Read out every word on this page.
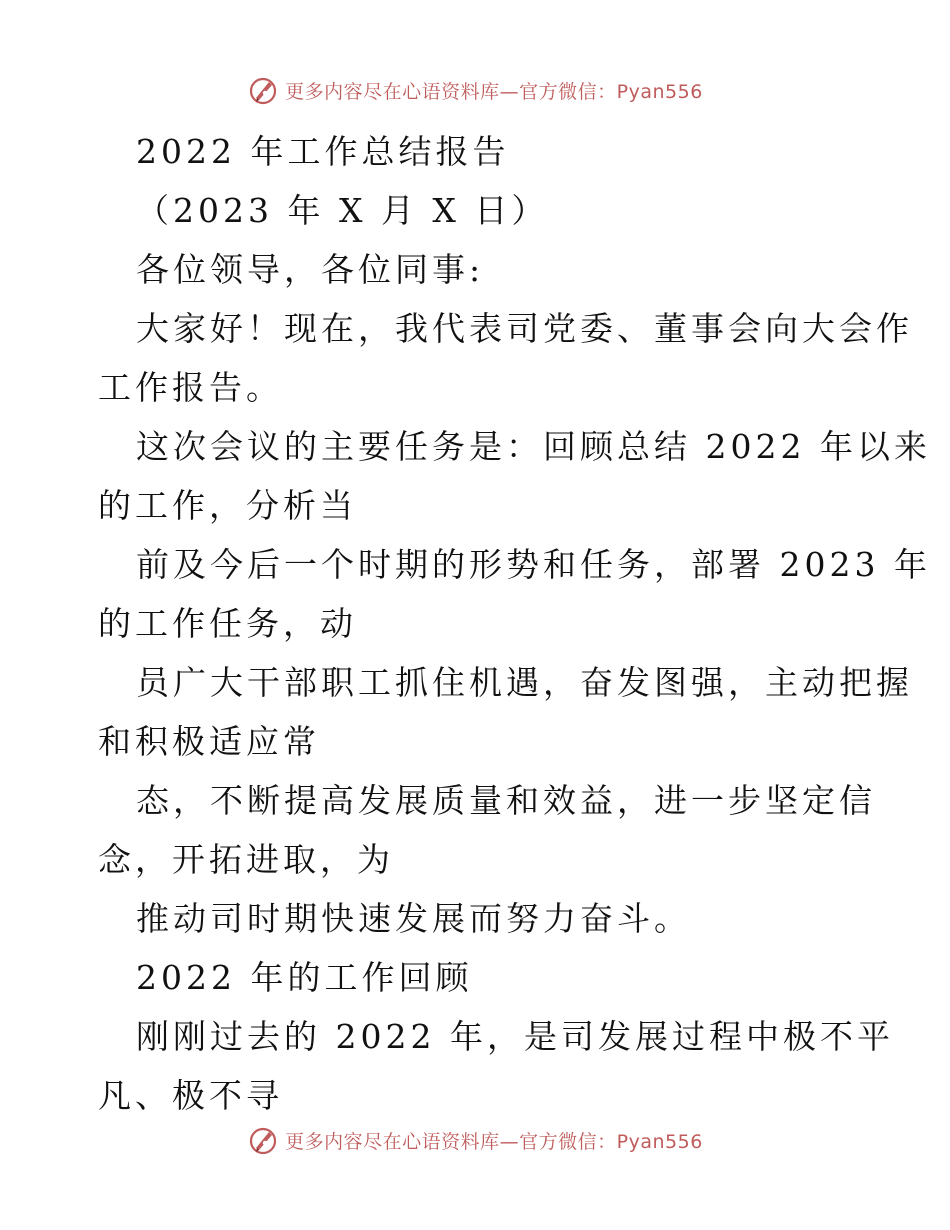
更多内容尽在心语资料库—官方微信：Pyan556
2022 年工作总结报告
（2023 年 X 月 X 日）
各位领导，各位同事:
大家好！现在，我代表司党委、董事会向大会作
工作报告。
这次会议的主要任务是：回顾总结 2022 年以来
的工作，分析当
前及今后一个时期的形势和任务，部署 2023 年
的工作任务，动
员广大干部职工抓住机遇，奋发图强，主动把握
和积极适应常
态，不断提高发展质量和效益，进一步坚定信
念，开拓进取，为
推动司时期快速发展而努力奋斗。
2022 年的工作回顾
刚刚过去的 2022 年，是司发展过程中极不平
凡、极不寻
更多内容尽在心语资料库—官方微信：Pyan556
